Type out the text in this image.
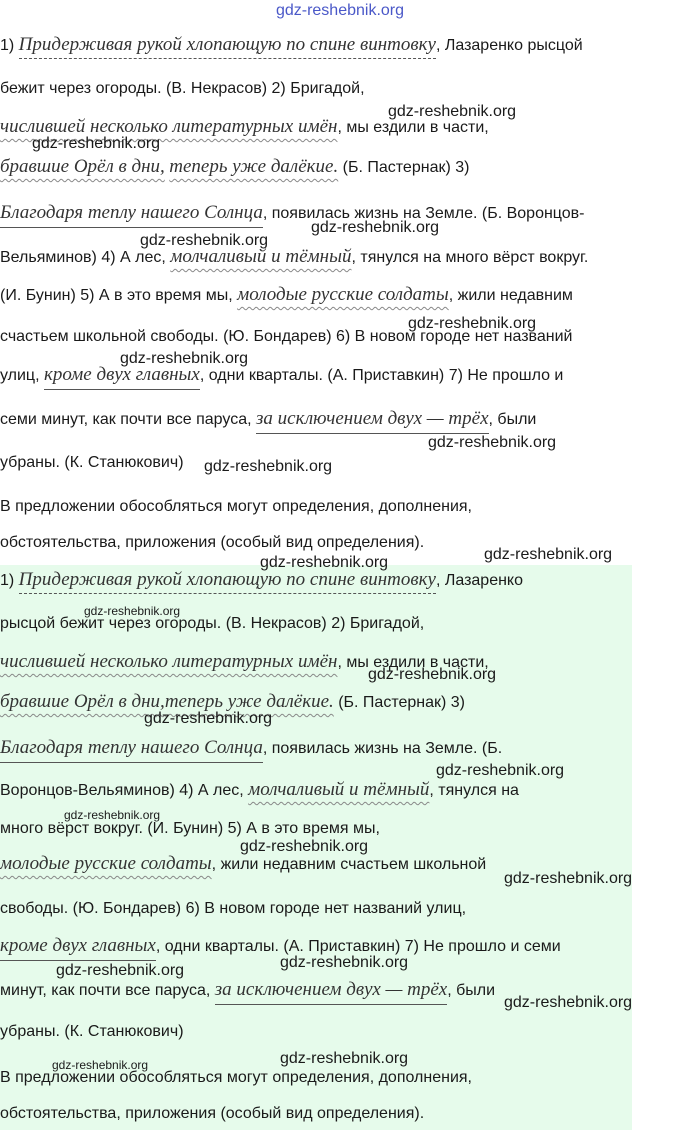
gdz-reshebnik.org
1) Придерживая рукой хлопающую по спине винтовку, Лазаренко рысцой
бежит через огороды. (В. Некрасов) 2) Бригадой,
числившей несколько литературных имён, мы ездили в части,
бравшие Орёл в дни, теперь уже далёкие. (Б. Пастернак) 3)
Благодаря теплу нашего Солнца, появилась жизнь на Земле. (Б. Воронцов-
Вельяминов) 4) А лес, молчаливый и тёмный, тянулся на много вёрст вокруг.
(И. Бунин) 5) А в это время мы, молодые русские солдаты, жили недавним
счастьем школьной свободы. (Ю. Бондарев) 6) В новом городе нет названий
улиц, кроме двух главных, одни кварталы. (А. Приставкин) 7) Не прошло и
семи минут, как почти все паруса, за исключением двух — трёх, были
убраны. (К. Станюкович)
В предложении обособляться могут определения, дополнения,
обстоятельства, приложения (особый вид определения).
1) Придерживая рукой хлопающую по спине винтовку, Лазаренко
рысцой бежит через огороды. (В. Некрасов) 2) Бригадой,
числившей несколько литературных имён, мы ездили в части,
бравшие Орёл в дни,теперь уже далёкие. (Б. Пастернак) 3)
Благодаря теплу нашего Солнца, появилась жизнь на Земле. (Б.
Воронцов-Вельяминов) 4) А лес, молчаливый и тёмный, тянулся на
много вёрст вокруг. (И. Бунин) 5) А в это время мы,
молодые русские солдаты, жили недавним счастьем школьной
свободы. (Ю. Бондарев) 6) В новом городе нет названий улиц,
кроме двух главных, одни кварталы. (А. Приставкин) 7) Не прошло и семи
минут, как почти все паруса, за исключением двух — трёх, были
убраны. (К. Станюкович)
В предложении обособляться могут определения, дополнения,
обстоятельства, приложения (особый вид определения).
gdz-reshebnik.org
gdz-reshebnik.org
gdz-reshebnik.org
gdz-reshebnik.org
gdz-reshebnik.org
gdz-reshebnik.org
gdz-reshebnik.org
gdz-reshebnik.org
gdz-reshebnik.org
gdz-reshebnik.org
gdz-reshebnik.org
gdz-reshebnik.org
gdz-reshebnik.org
gdz-reshebnik.org
gdz-reshebnik.org
gdz-reshebnik.org
gdz-reshebnik.org
gdz-reshebnik.org	gdz-reshebnik.org
gdz-reshebnik.org
gdz-reshebnik.org
gdz-reshebnik.org
